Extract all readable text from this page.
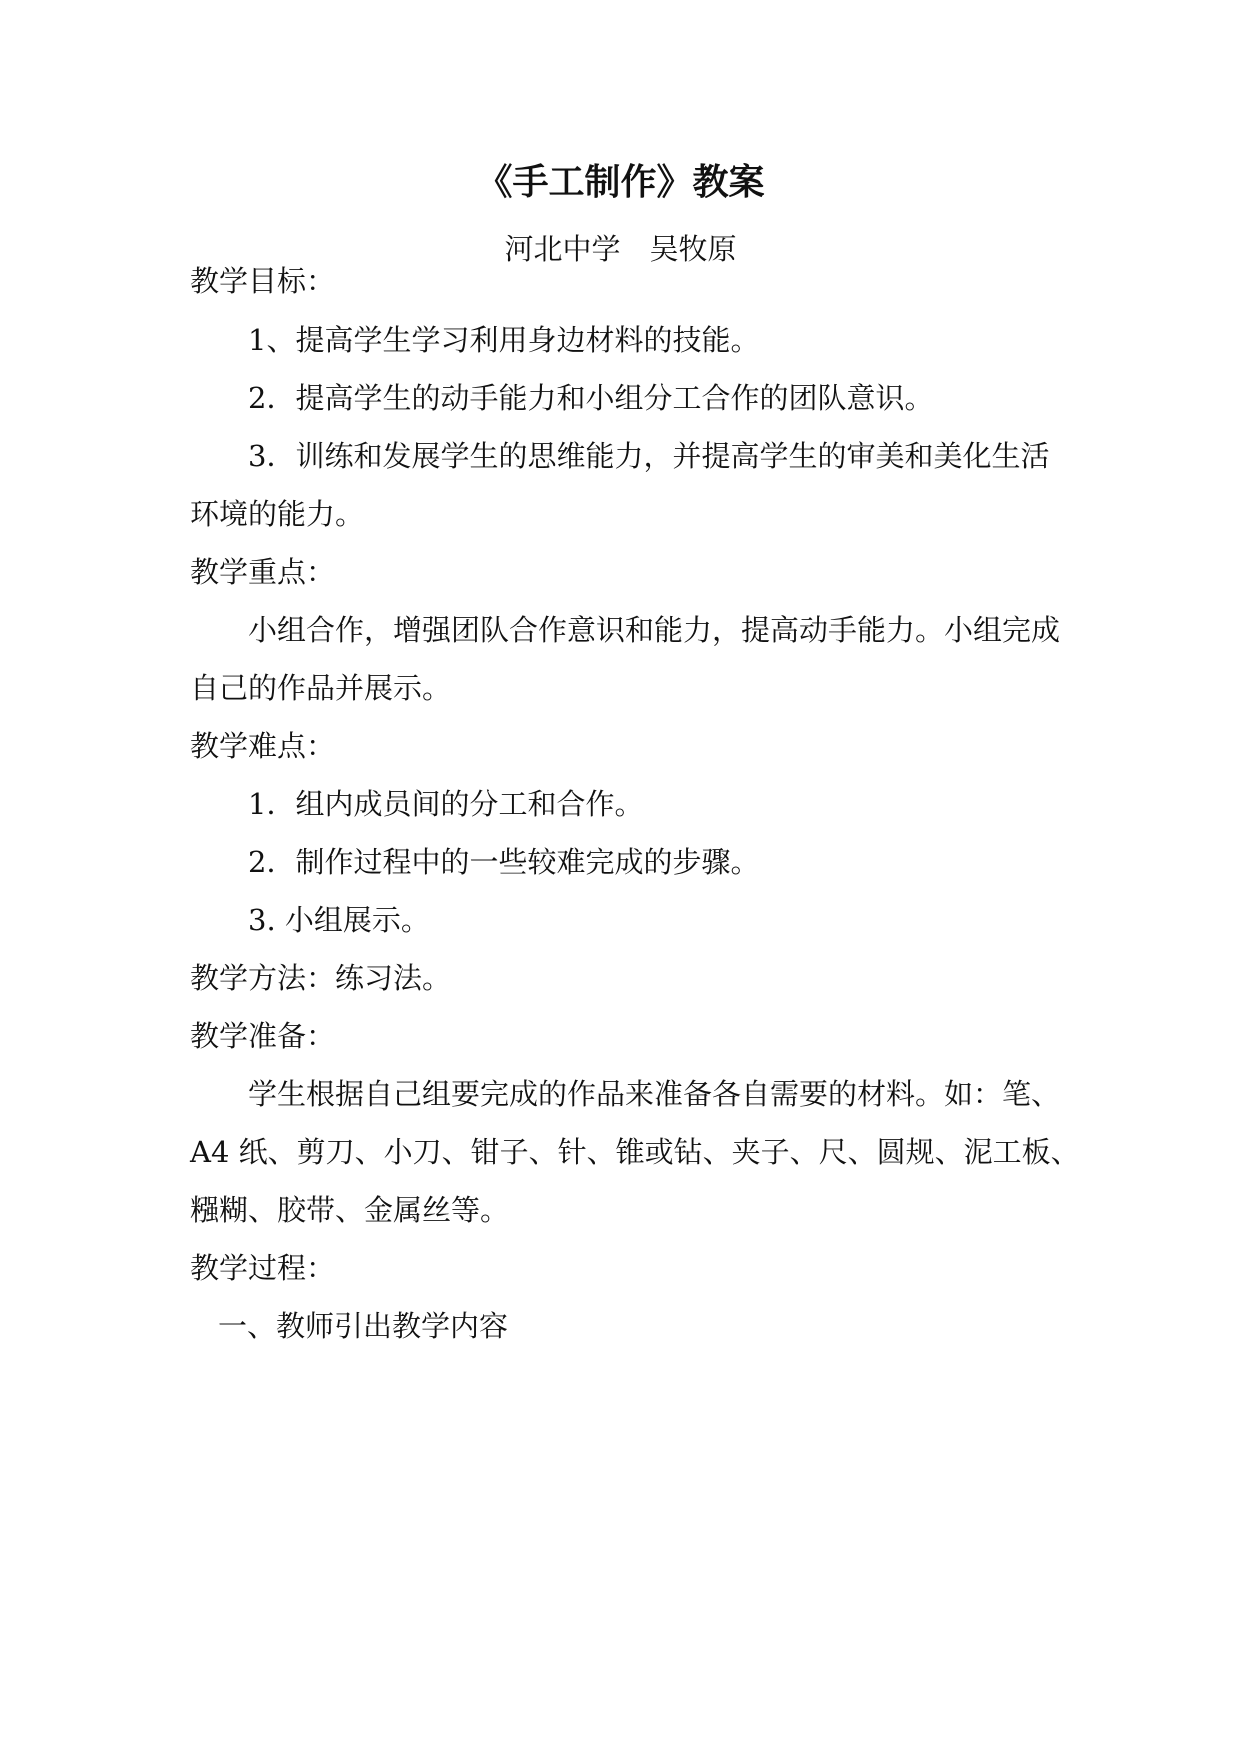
《手工制作》教案
河北中学　吴牧原
教学目标：
1、提高学生学习利用身边材料的技能。
2．提高学生的动手能力和小组分工合作的团队意识。
3．训练和发展学生的思维能力，并提高学生的审美和美化生活
环境的能力。
教学重点：
小组合作，增强团队合作意识和能力，提高动手能力。小组完成
自己的作品并展示。
教学难点：
1．组内成员间的分工和合作。
2．制作过程中的一些较难完成的步骤。
3. 小组展示。
教学方法：练习法。
教学准备：
学生根据自己组要完成的作品来准备各自需要的材料。如：笔、
A4 纸、剪刀、小刀、钳子、针、锥或钻、夹子、尺、圆规、泥工板、
糨糊、胶带、金属丝等。
教学过程：
一、教师引出教学内容
